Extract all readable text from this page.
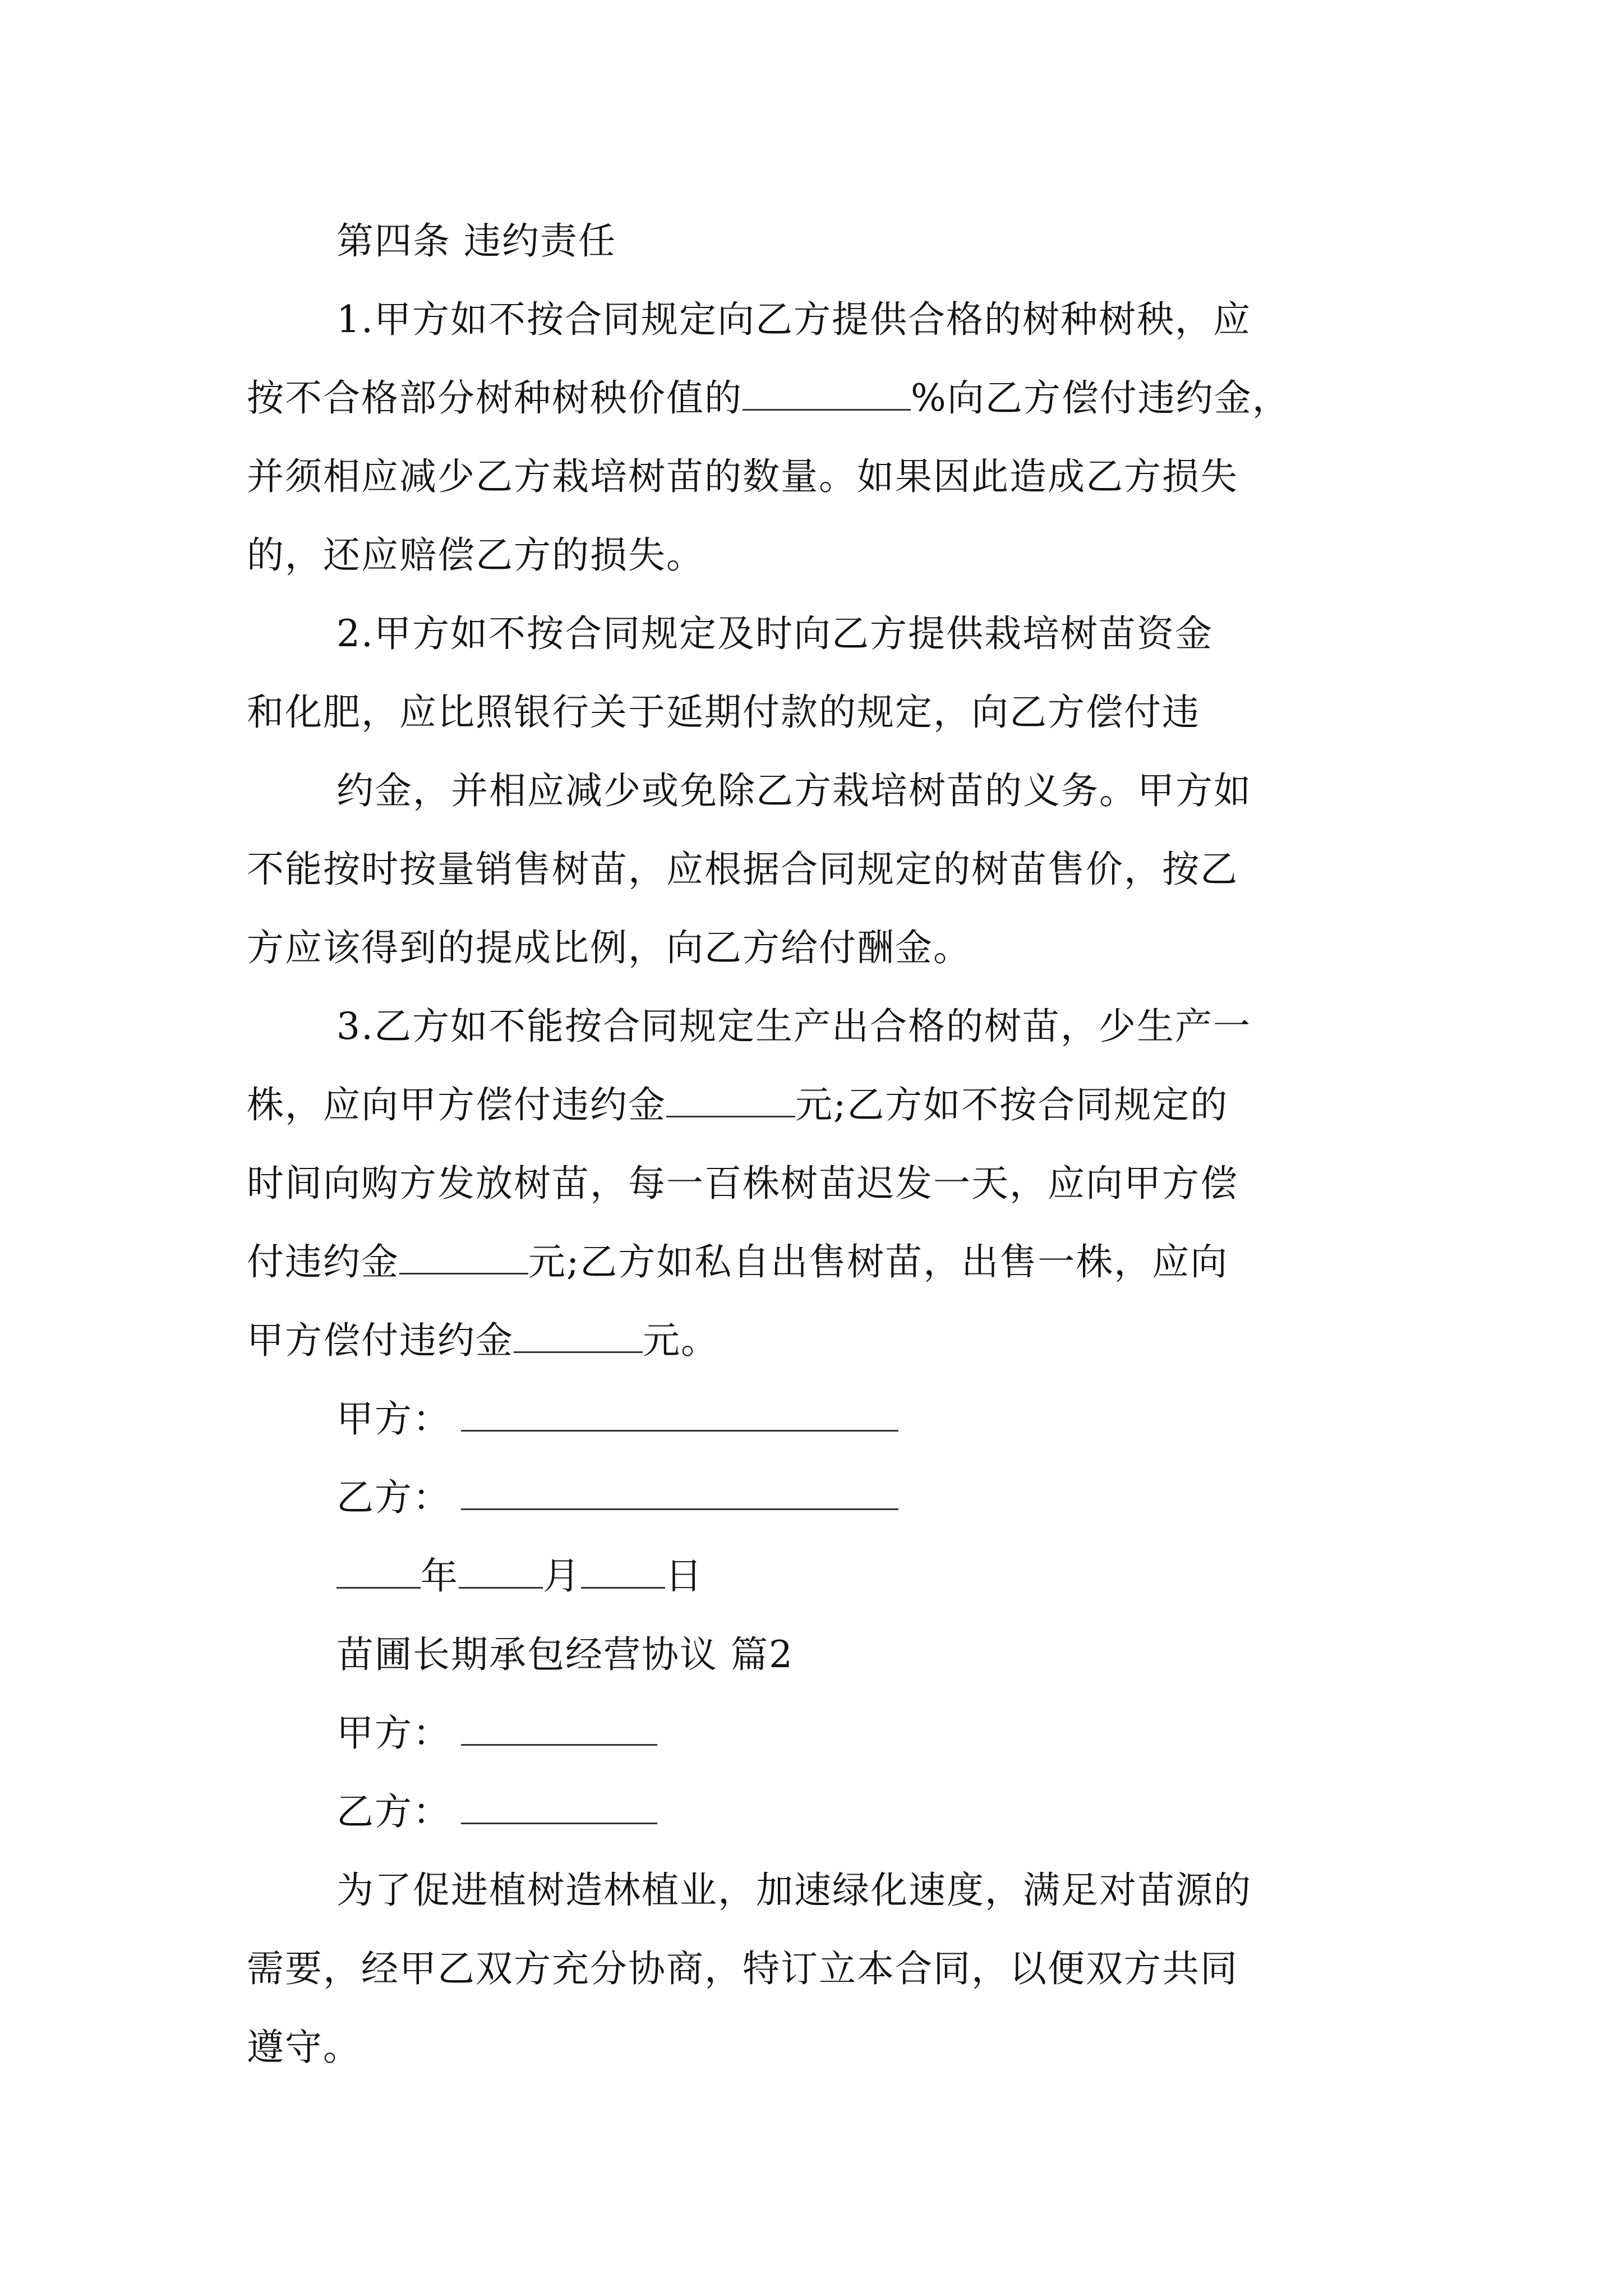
第四条 违约责任
1.甲方如不按合同规定向乙方提供合格的树种树秧，应
按不合格部分树种树秧价值的	%向乙方偿付违约金，
并须相应减少乙方栽培树苗的数量。如果因此造成乙方损失
的，还应赔偿乙方的损失。
2.甲方如不按合同规定及时向乙方提供栽培树苗资金
和化肥，应比照银行关于延期付款的规定，向乙方偿付违
约金，并相应减少或免除乙方栽培树苗的义务。甲方如
不能按时按量销售树苗，应根据合同规定的树苗售价，按乙
方应该得到的提成比例，向乙方给付酬金。
3.乙方如不能按合同规定生产出合格的树苗，少生产一
株，应向甲方偿付违约金	元;乙方如不按合同规定的
时间向购方发放树苗，每一百株树苗迟发一天，应向甲方偿
付违约金	元;乙方如私自出售树苗，出售一株，应向
甲方偿付违约金	元。
甲方：
乙方：
年 月 日
苗圃长期承包经营协议 篇2
甲方：
乙方：
为了促进植树造林植业，加速绿化速度，满足对苗源的
需要，经甲乙双方充分协商，特订立本合同，以便双方共同
遵守。
